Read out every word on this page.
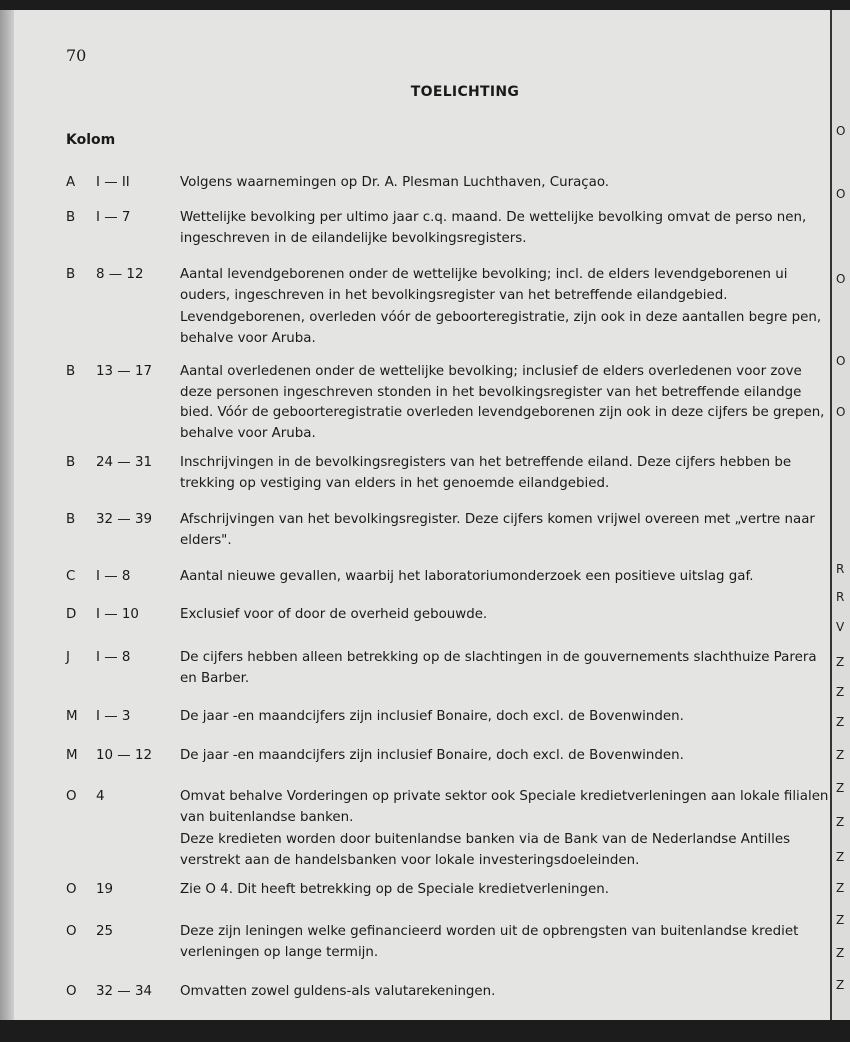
70
TOELICHTING
Kolom
A I — II	Volgens waarnemingen op Dr. A. Plesman Luchthaven, Curaçao.

B I — 7	Wettelijke bevolking per ultimo jaar c.q. maand. De wettelijke bevolking omvat de perso nen, ingeschreven in de eilandelijke bevolkingsregisters.

B 8 — 12	Aantal levendgeborenen onder de wettelijke bevolking; incl. de elders levendgeborenen ui ouders, ingeschreven in het bevolkingsregister van het betreffende eilandgebied.

Levendgeborenen, overleden vóór de geboorteregistratie, zijn ook in deze aantallen begre pen, behalve voor Aruba.

B 13 — 17 Aantal overledenen onder de wettelijke bevolking; inclusief de elders overledenen voor zove deze personen ingeschreven stonden in het bevolkingsregister van het betreffende eilandge bied. Vóór de geboorteregistratie overleden levendgeborenen zijn ook in deze cijfers be grepen, behalve voor Aruba.

B 24 — 31 Inschrijvingen in de bevolkingsregisters van het betreffende eiland. Deze cijfers hebben be trekking op vestiging van elders in het genoemde eilandgebied.

B 32 — 39 Afschrijvingen van het bevolkingsregister. Deze cijfers komen vrijwel overeen met „vertre naar elders".

C I — 8	Aantal nieuwe gevallen, waarbij het laboratoriumonderzoek een positieve uitslag gaf.

D I — 10	Exclusief voor of door de overheid gebouwde.

J I — 8	De cijfers hebben alleen betrekking op de slachtingen in de gouvernements slachthuize Parera en Barber.

M I — 3	De jaar -en maandcijfers zijn inclusief Bonaire, doch excl. de Bovenwinden.

M 10 — 12 De jaar -en maandcijfers zijn inclusief Bonaire, doch excl. de Bovenwinden.

O 4	Omvat behalve Vorderingen op private sektor ook Speciale kredietverleningen aan lokale filialen van buitenlandse banken.

Deze kredieten worden door buitenlandse banken via de Bank van de Nederlandse Antilles verstrekt aan de handelsbanken voor lokale investeringsdoeleinden.

O 19	Zie O 4. Dit heeft betrekking op de Speciale kredietverleningen.

O 25	Deze zijn leningen welke gefinancieerd worden uit de opbrengsten van buitenlandse krediet verleningen op lange termijn.

O 32 — 34 Omvatten zowel guldens-als valutarekeningen.

O
O
O
O
O
R
R
V
Z
Z
Z
Z
Z
Z
Z
Z
Z
Z
Z
